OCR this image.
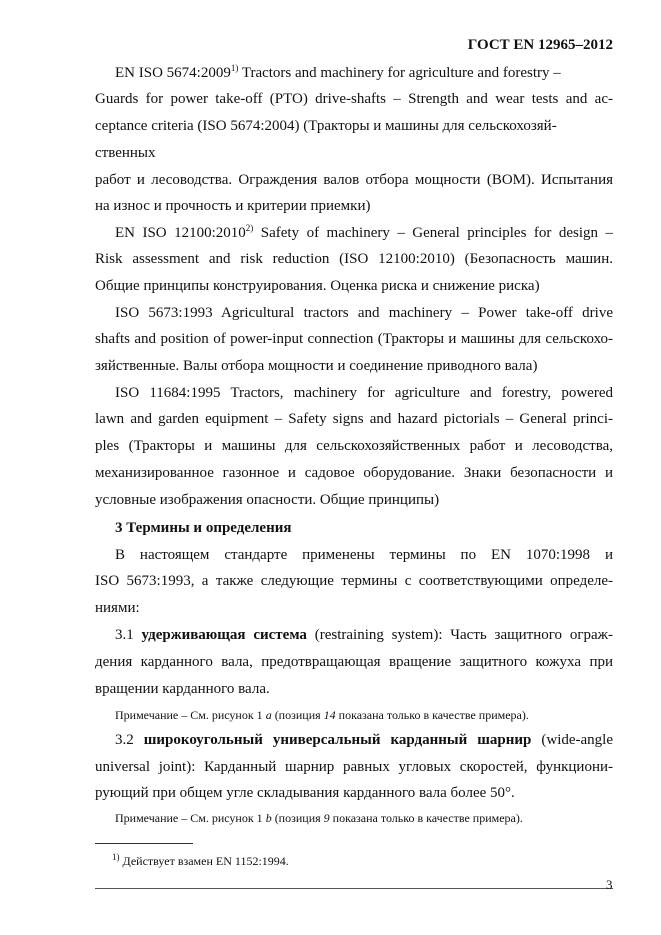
ГОСТ EN 12965–2012
EN ISO 5674:2009$^{1)}$ Tractors and machinery for agriculture and forestry –
Guards for power take-off (PTO) drive-shafts – Strength and wear tests and ac-
ceptance criteria (ISO 5674:2004) (Тракторы и машины для сельскохозяй-
ственных
работ и лесоводства. Ограждения валов отбора мощности (ВОМ). Испытания
на износ и прочность и критерии приемки)
EN ISO 12100:2010$^{2)}$ Safety of machinery – General principles for design –
Risk assessment and risk reduction (ISO 12100:2010) (Безопасность машин.
Общие принципы конструирования. Оценка риска и снижение риска)
ISO 5673:1993 Agricultural tractors and machinery – Power take-off drive
shafts and position of power-input connection (Тракторы и машины для сельскохо-
зяйственные. Валы отбора мощности и соединение приводного вала)
ISO 11684:1995 Tractors, machinery for agriculture and forestry, powered
lawn and garden equipment – Safety signs and hazard pictorials – General princi-
ples (Тракторы и машины для сельскохозяйственных работ и лесоводства,
механизированное газонное и садовое оборудование. Знаки безопасности и
условные изображения опасности. Общие принципы)
3 Термины и определения
В настоящем стандарте применены термины по EN 1070:1998 и
ISO 5673:1993, а также следующие термины с соответствующими определе-
ниями:
3.1 удерживающая система (restraining system): Часть защитного ограж-
дения карданного вала, предотвращающая вращение защитного кожуха при
вращении карданного вала.
Примечание – См. рисунок 1 a (позиция 14 показана только в качестве примера).
3.2 широкоугольный универсальный карданный шарнир (wide-angle
universal joint): Карданный шарнир равных угловых скоростей, функциони-
рующий при общем угле складывания карданного вала более 50°.
Примечание – См. рисунок 1 b (позиция 9 показана только в качестве примера).
$^{1)}$ Действует взамен EN 1152:1994.
3
